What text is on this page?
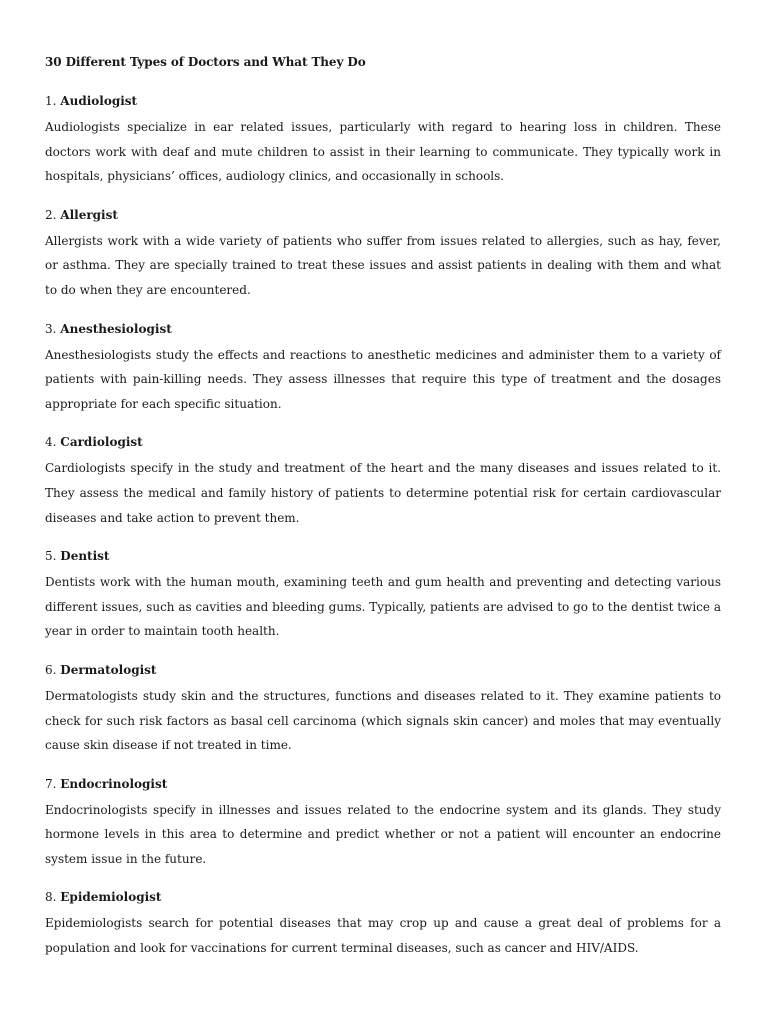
30 Different Types of Doctors and What They Do
1. Audiologist

Audiologists specialize in ear related issues, particularly with regard to hearing loss in children. These doctors work with deaf and mute children to assist in their learning to communicate. They typically work in hospitals, physicians’ offices, audiology clinics, and occasionally in schools.

2. Allergist

Allergists work with a wide variety of patients who suffer from issues related to allergies, such as hay, fever, or asthma. They are specially trained to treat these issues and assist patients in dealing with them and what to do when they are encountered.

3. Anesthesiologist

Anesthesiologists study the effects and reactions to anesthetic medicines and administer them to a variety of patients with pain-killing needs. They assess illnesses that require this type of treatment and the dosages appropriate for each specific situation.

4. Cardiologist

Cardiologists specify in the study and treatment of the heart and the many diseases and issues related to it. They assess the medical and family history of patients to determine potential risk for certain cardiovascular diseases and take action to prevent them.

5. Dentist

Dentists work with the human mouth, examining teeth and gum health and preventing and detecting various different issues, such as cavities and bleeding gums. Typically, patients are advised to go to the dentist twice a year in order to maintain tooth health.

6. Dermatologist

Dermatologists study skin and the structures, functions and diseases related to it. They examine patients to check for such risk factors as basal cell carcinoma (which signals skin cancer) and moles that may eventually cause skin disease if not treated in time.

7. Endocrinologist

Endocrinologists specify in illnesses and issues related to the endocrine system and its glands. They study hormone levels in this area to determine and predict whether or not a patient will encounter an endocrine system issue in the future.

8. Epidemiologist

Epidemiologists search for potential diseases that may crop up and cause a great deal of problems for a population and look for vaccinations for current terminal diseases, such as cancer and HIV/AIDS.
